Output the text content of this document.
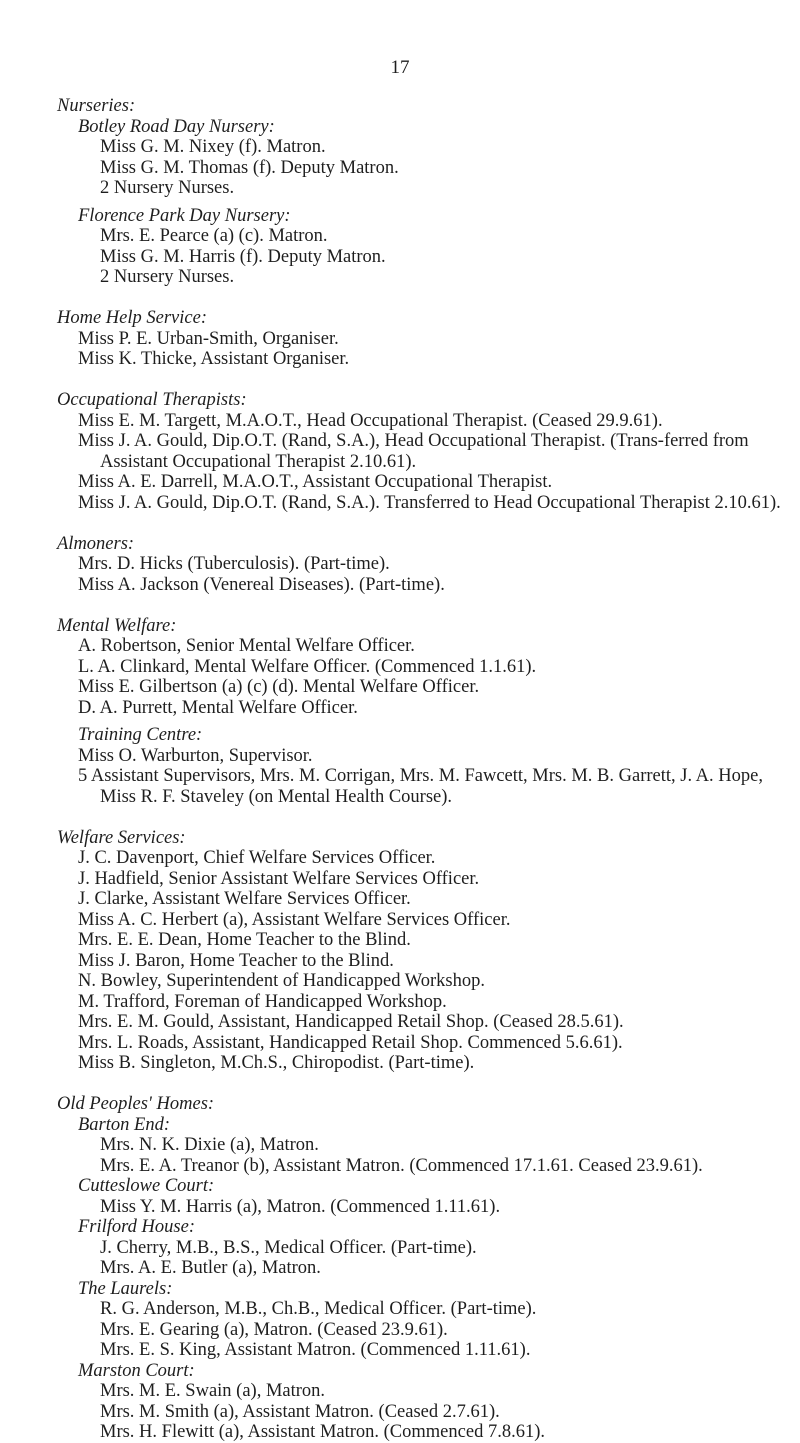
17
Nurseries:
Botley Road Day Nursery:
Miss G. M. Nixey (f). Matron.
Miss G. M. Thomas (f). Deputy Matron.
2 Nursery Nurses.
Florence Park Day Nursery:
Mrs. E. Pearce (a) (c). Matron.
Miss G. M. Harris (f). Deputy Matron.
2 Nursery Nurses.
Home Help Service:
Miss P. E. Urban-Smith, Organiser.
Miss K. Thicke, Assistant Organiser.
Occupational Therapists:
Miss E. M. Targett, M.A.O.T., Head Occupational Therapist. (Ceased 29.9.61).
Miss J. A. Gould, Dip.O.T. (Rand, S.A.), Head Occupational Therapist. (Trans-ferred from Assistant Occupational Therapist 2.10.61).
Miss A. E. Darrell, M.A.O.T., Assistant Occupational Therapist.
Miss J. A. Gould, Dip.O.T. (Rand, S.A.). Transferred to Head Occupational Therapist 2.10.61).
Almoners:
Mrs. D. Hicks (Tuberculosis). (Part-time).
Miss A. Jackson (Venereal Diseases). (Part-time).
Mental Welfare:
A. Robertson, Senior Mental Welfare Officer.
L. A. Clinkard, Mental Welfare Officer. (Commenced 1.1.61).
Miss E. Gilbertson (a) (c) (d). Mental Welfare Officer.
D. A. Purrett, Mental Welfare Officer.
Training Centre:
Miss O. Warburton, Supervisor.
5 Assistant Supervisors, Mrs. M. Corrigan, Mrs. M. Fawcett, Mrs. M. B. Garrett, J. A. Hope, Miss R. F. Staveley (on Mental Health Course).
Welfare Services:
J. C. Davenport, Chief Welfare Services Officer.
J. Hadfield, Senior Assistant Welfare Services Officer.
J. Clarke, Assistant Welfare Services Officer.
Miss A. C. Herbert (a), Assistant Welfare Services Officer.
Mrs. E. E. Dean, Home Teacher to the Blind.
Miss J. Baron, Home Teacher to the Blind.
N. Bowley, Superintendent of Handicapped Workshop.
M. Trafford, Foreman of Handicapped Workshop.
Mrs. E. M. Gould, Assistant, Handicapped Retail Shop. (Ceased 28.5.61).
Mrs. L. Roads, Assistant, Handicapped Retail Shop. Commenced 5.6.61).
Miss B. Singleton, M.Ch.S., Chiropodist. (Part-time).
Old Peoples' Homes:
Barton End:
Mrs. N. K. Dixie (a), Matron.
Mrs. E. A. Treanor (b), Assistant Matron. (Commenced 17.1.61. Ceased 23.9.61).
Cutteslowe Court:
Miss Y. M. Harris (a), Matron. (Commenced 1.11.61).
Frilford House:
J. Cherry, M.B., B.S., Medical Officer. (Part-time).
Mrs. A. E. Butler (a), Matron.
The Laurels:
R. G. Anderson, M.B., Ch.B., Medical Officer. (Part-time).
Mrs. E. Gearing (a), Matron. (Ceased 23.9.61).
Mrs. E. S. King, Assistant Matron. (Commenced 1.11.61).
Marston Court:
Mrs. M. E. Swain (a), Matron.
Mrs. M. Smith (a), Assistant Matron. (Ceased 2.7.61).
Mrs. H. Flewitt (a), Assistant Matron. (Commenced 7.8.61).
